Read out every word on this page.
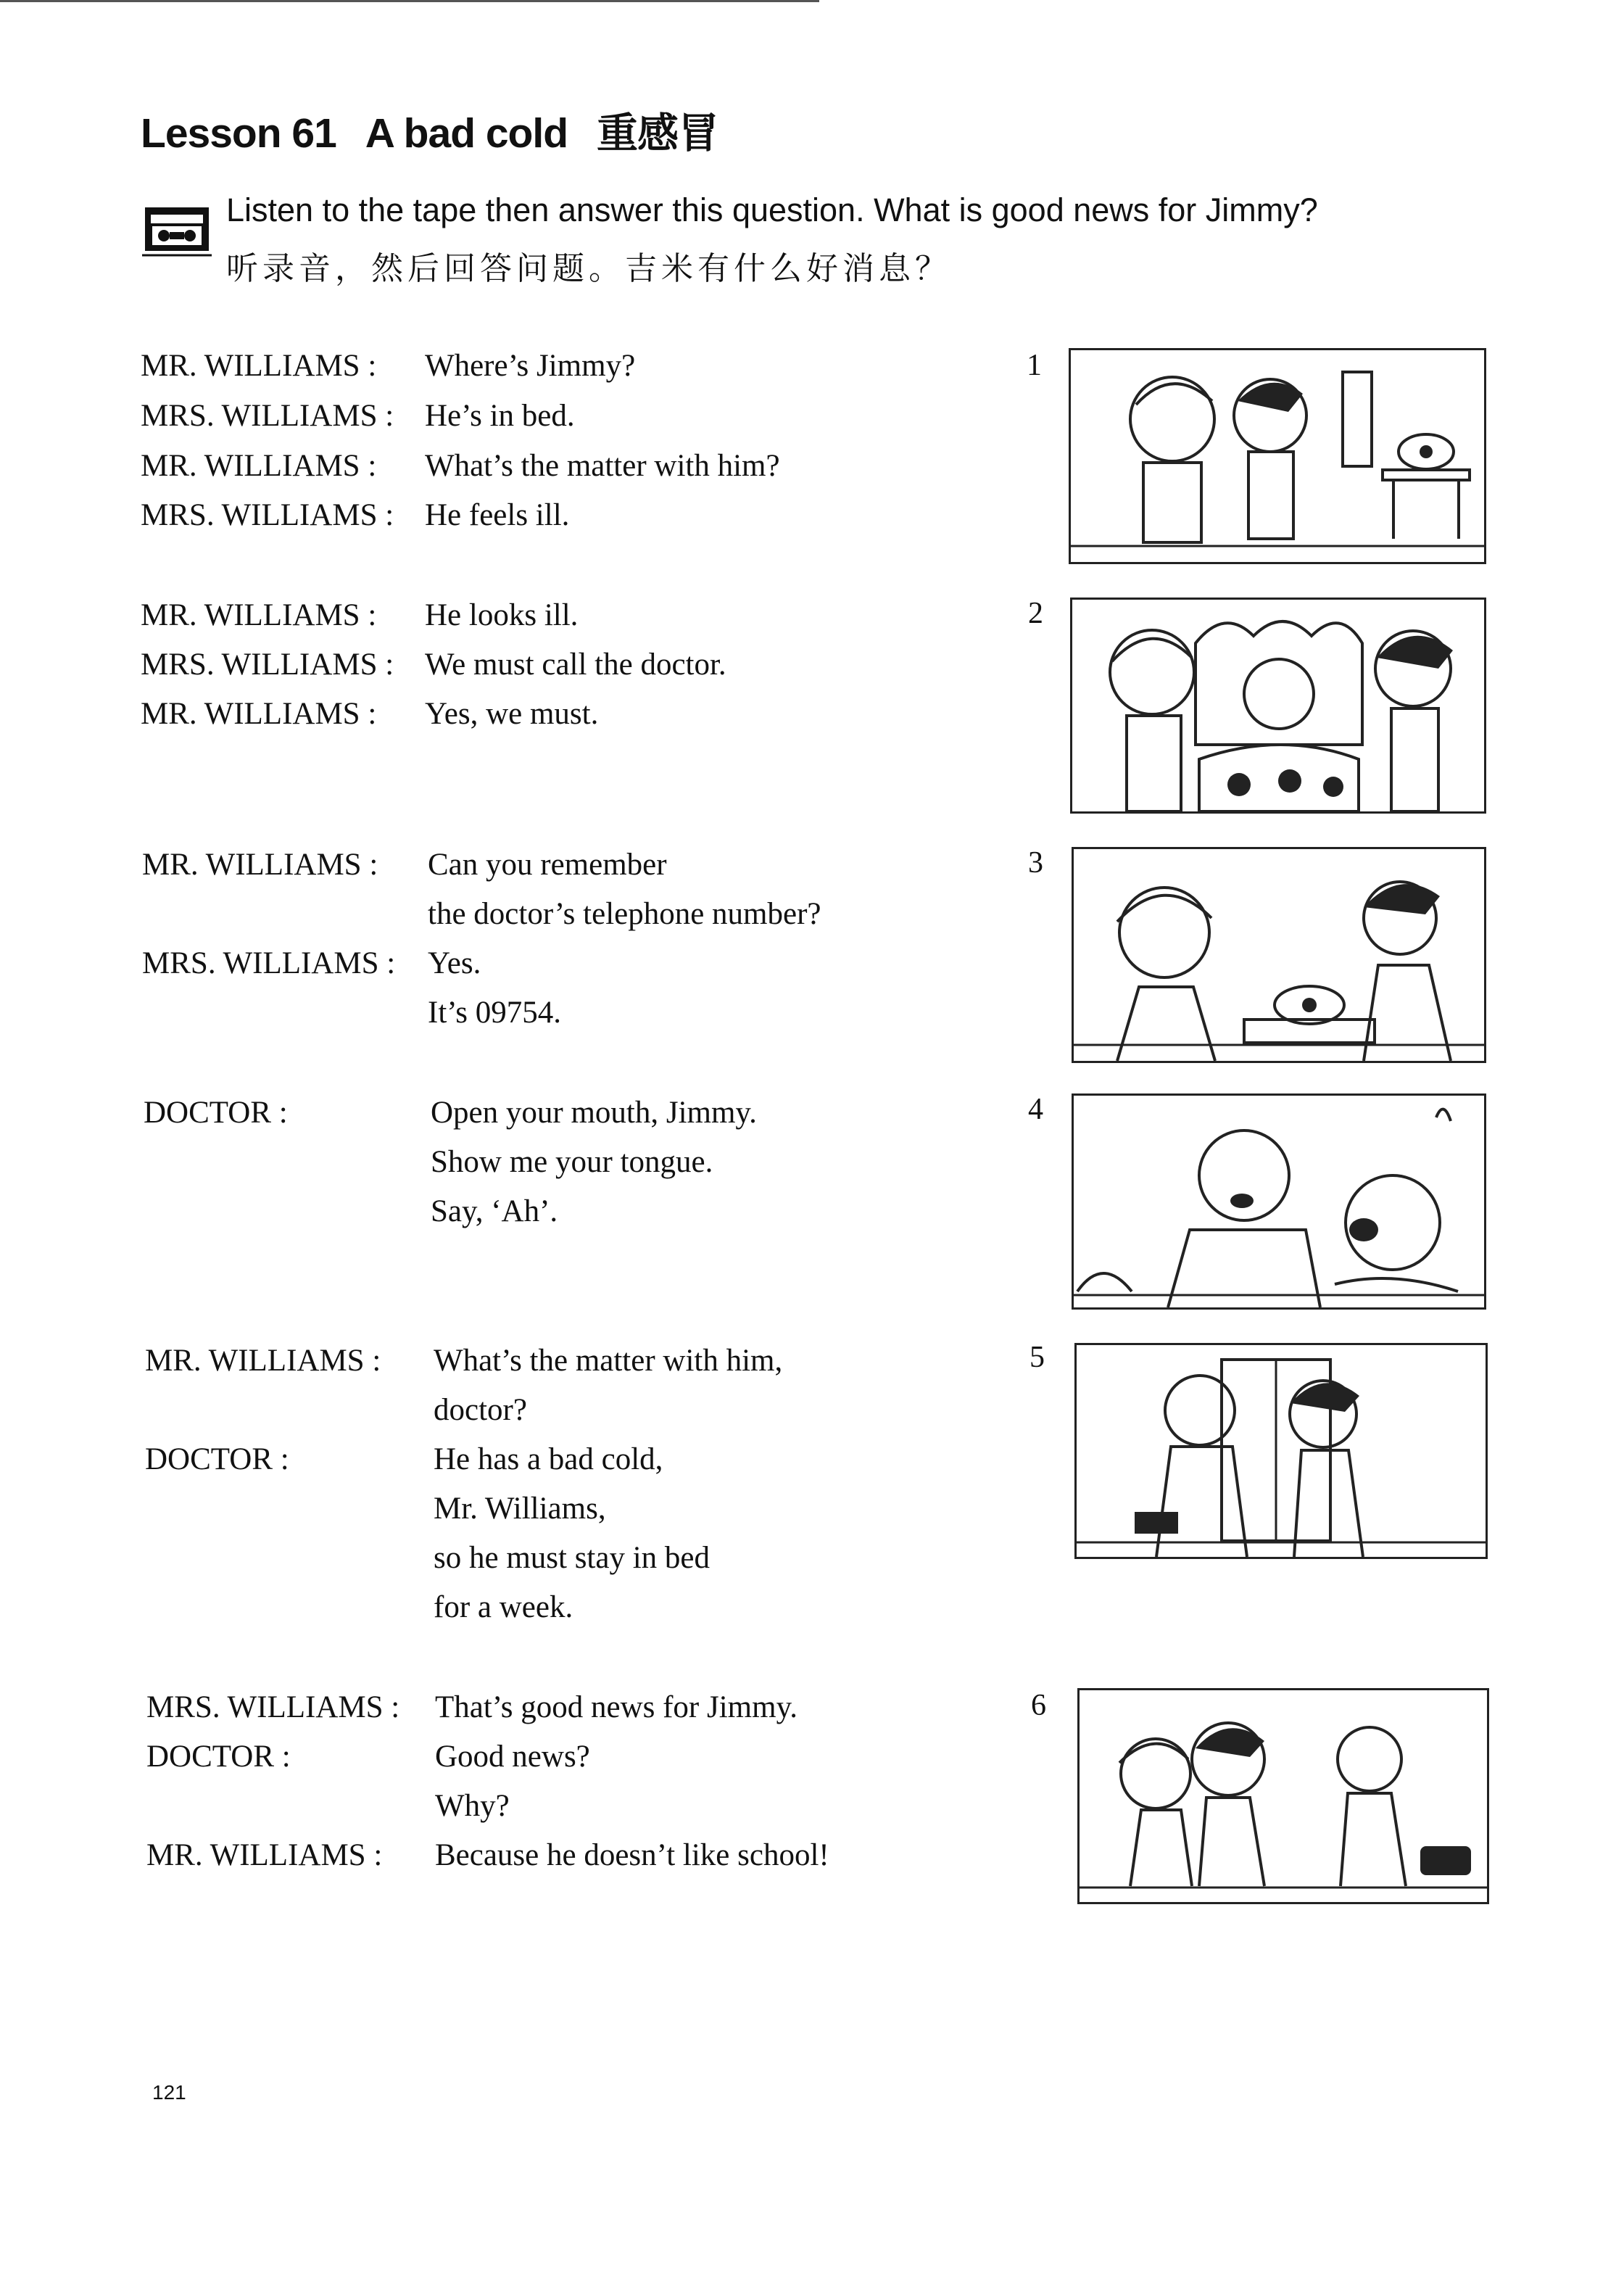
Lesson 61 A bad cold 重感冒
Listen to the tape then answer this question. What is good news for Jimmy?
听录音，然后回答问题。吉米有什么好消息？
MR. WILLIAMS : Where’s Jimmy?
MRS. WILLIAMS : He’s in bed.
MR. WILLIAMS : What’s the matter with him?
MRS. WILLIAMS : He feels ill.
MR. WILLIAMS : He looks ill.
MRS. WILLIAMS : We must call the doctor.
MR. WILLIAMS : Yes, we must.
MR. WILLIAMS : Can you remember
the doctor’s telephone number?
MRS. WILLIAMS : Yes.
It’s 09754.
DOCTOR :	Open your mouth, Jimmy.
Show me your tongue.
Say, ‘Ah’.
MR. WILLIAMS : What’s the matter with him,
doctor?
DOCTOR :	He has a bad cold,
Mr. Williams,
so he must stay in bed
for a week.
MRS. WILLIAMS : That’s good news for Jimmy.
DOCTOR :	Good news?
Why?
MR. WILLIAMS : Because he doesn’t like school!
1
2
3
4
5
6
121
